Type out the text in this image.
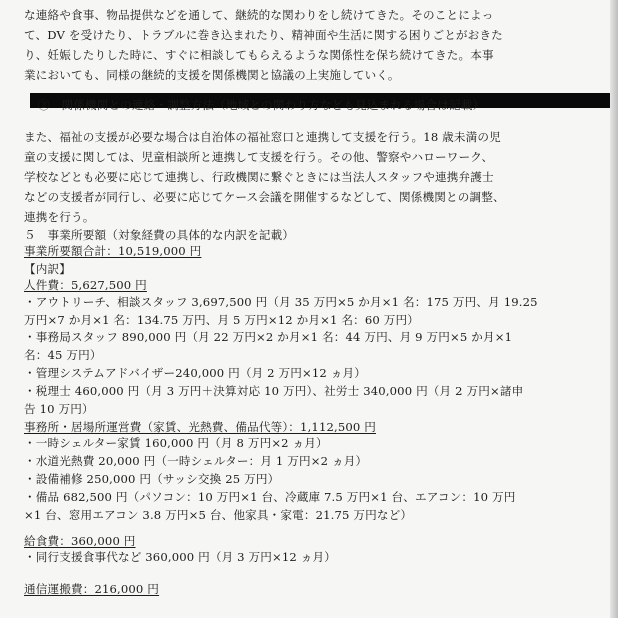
な連絡や食事、物品提供などを通して、継続的な関わりをし続けてきた。そのことによっ
て、DV を受けたり、トラブルに巻き込まれたり、精神面や生活に関する困りごとがおきた
り、妊娠したりした時に、すぐに相談してもらえるような関係性を保ち続けてきた。本事
業においても、同様の継続的支援を関係機関と協議の上実施していく。
②　関係機関との連絡・調整方法（地域との関わり方なども見込まれる場合は記載）
また、福祉の支援が必要な場合は自治体の福祉窓口と連携して支援を行う。18 歳未満の児
童の支援に関しては、児童相談所と連携して支援を行う。その他、警察やハローワーク、
学校などとも必要に応じて連携し、行政機関に繋ぐときには当法人スタッフや連携弁護士
などの支援者が同行し、必要に応じてケース会議を開催するなどして、関係機関との調整、
連携を行う。
５　事業所要額（対象経費の具体的な内訳を記載）
事業所要額合計：10,519,000 円
【内訳】
人件費：5,627,500 円
・アウトリーチ、相談スタッフ 3,697,500 円（月 35 万円×5 か月×1 名：175 万円、月 19.25
万円×7 か月×1 名：134.75 万円、月 5 万円×12 か月×1 名：60 万円）
・事務局スタッフ 890,000 円（月 22 万円×2 か月×1 名：44 万円、月 9 万円×5 か月×1
名：45 万円）
・管理システムアドバイザー240,000 円（月 2 万円×12 ヵ月）
・税理士 460,000 円（月 3 万円＋決算対応 10 万円）、社労士 340,000 円（月 2 万円×諸申
告 10 万円）
事務所・居場所運営費（家賃、光熱費、備品代等）：1,112,500 円
・一時シェルター家賃 160,000 円（月 8 万円×2 ヵ月）
・水道光熱費 20,000 円（一時シェルター：月 1 万円×2 ヵ月）
・設備補修 250,000 円（サッシ交換 25 万円）
・備品 682,500 円（パソコン：10 万円×1 台、冷蔵庫 7.5 万円×1 台、エアコン：10 万円
×1 台、窓用エアコン 3.8 万円×5 台、他家具・家電：21.75 万円など）
給食費：360,000 円
・同行支援食事代など 360,000 円（月 3 万円×12 ヵ月）
通信運搬費：216,000 円
